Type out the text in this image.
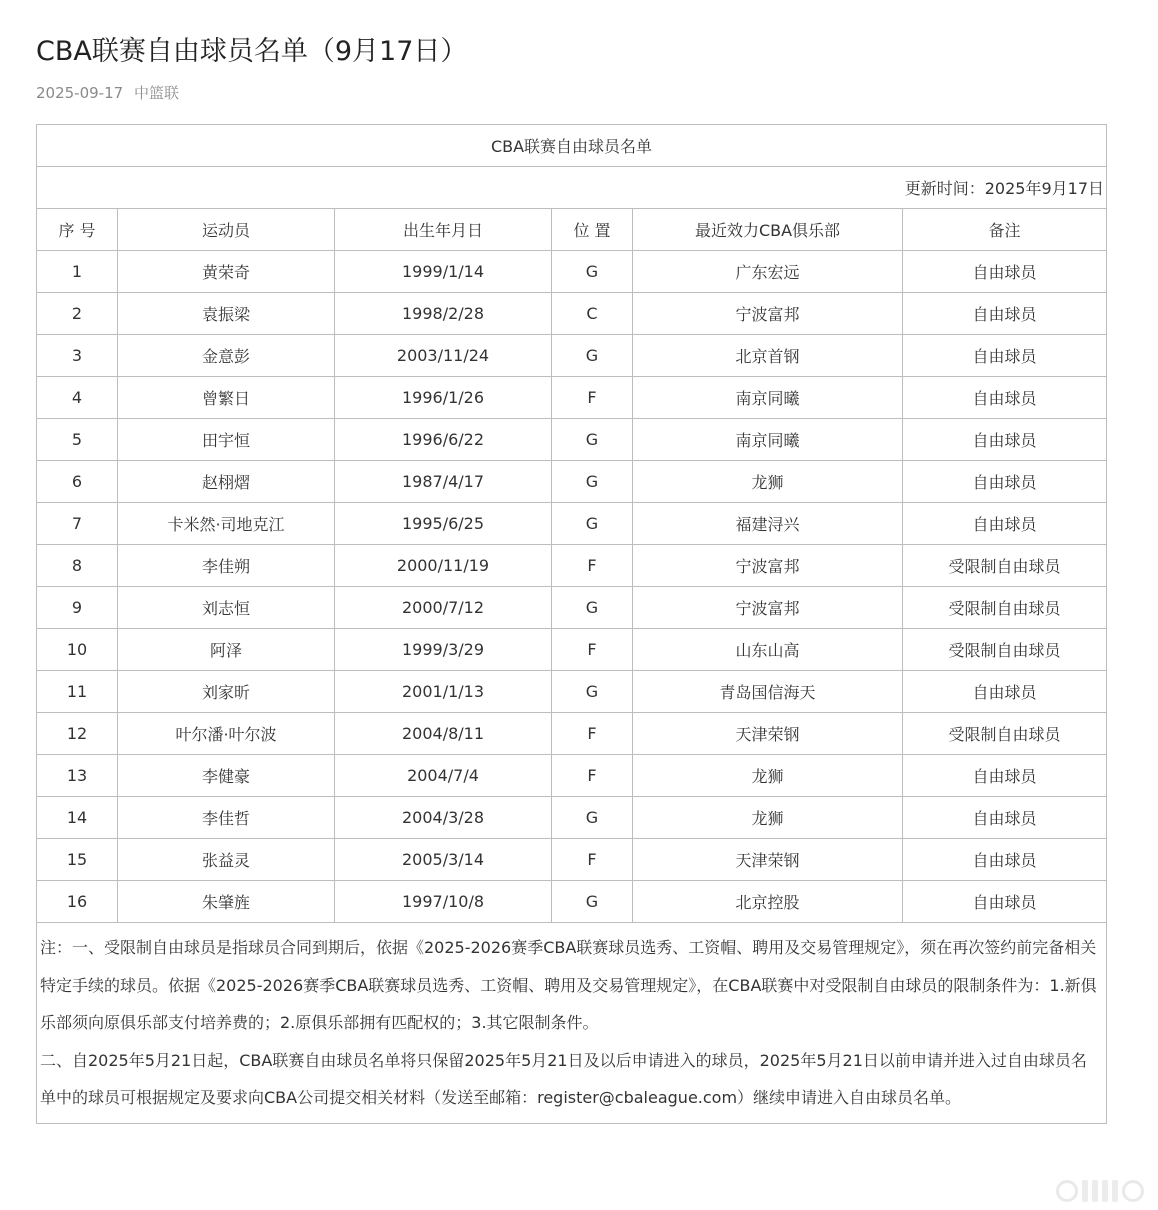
CBA联赛自由球员名单（9月17日）
2025-09-17 中篮联
CBA联赛自由球员名单					
更新时间：2025年9月17日					
序 号	运动员	出生年月日	位 置	最近效力CBA俱乐部	备注
1	黄荣奇	1999/1/14	G	广东宏远	自由球员
2	袁振梁	1998/2/28	C	宁波富邦	自由球员
3	金意彭	2003/11/24	G	北京首钢	自由球员
4	曾繁日	1996/1/26	F	南京同曦	自由球员
5	田宇恒	1996/6/22	G	南京同曦	自由球员
6	赵栩熠	1987/4/17	G	龙狮	自由球员
7	卡米然·司地克江	1995/6/25	G	福建浔兴	自由球员
8	李佳朔	2000/11/19	F	宁波富邦	受限制自由球员
9	刘志恒	2000/7/12	G	宁波富邦	受限制自由球员
10	阿泽	1999/3/29	F	山东山高	受限制自由球员
11	刘家昕	2001/1/13	G	青岛国信海天	自由球员
12	叶尔潘·叶尔波	2004/8/11	F	天津荣钢	受限制自由球员
13	李健豪	2004/7/4	F	龙狮	自由球员
14	李佳哲	2004/3/28	G	龙狮	自由球员
15	张益灵	2005/3/14	F	天津荣钢	自由球员
16	朱肇旌	1997/10/8	G	北京控股	自由球员

注：一、受限制自由球员是指球员合同到期后，依据《2025-2026赛季CBA联赛球员选秀、工资帽、聘用及交易管理规定》，须在再次签约前完备相关特定手续的球员。依据《2025-2026赛季CBA联赛球员选秀、工资帽、聘用及交易管理规定》，在CBA联赛中对受限制自由球员的限制条件为：1.新俱乐部须向原俱乐部支付培养费的；2.原俱乐部拥有匹配权的；3.其它限制条件。

二、自2025年5月21日起，CBA联赛自由球员名单将只保留2025年5月21日及以后申请进入的球员，2025年5月21日以前申请并进入过自由球员名单中的球员可根据规定及要求向CBA公司提交相关材料（发送至邮箱：register@cbaleague.com）继续申请进入自由球员名单。					
